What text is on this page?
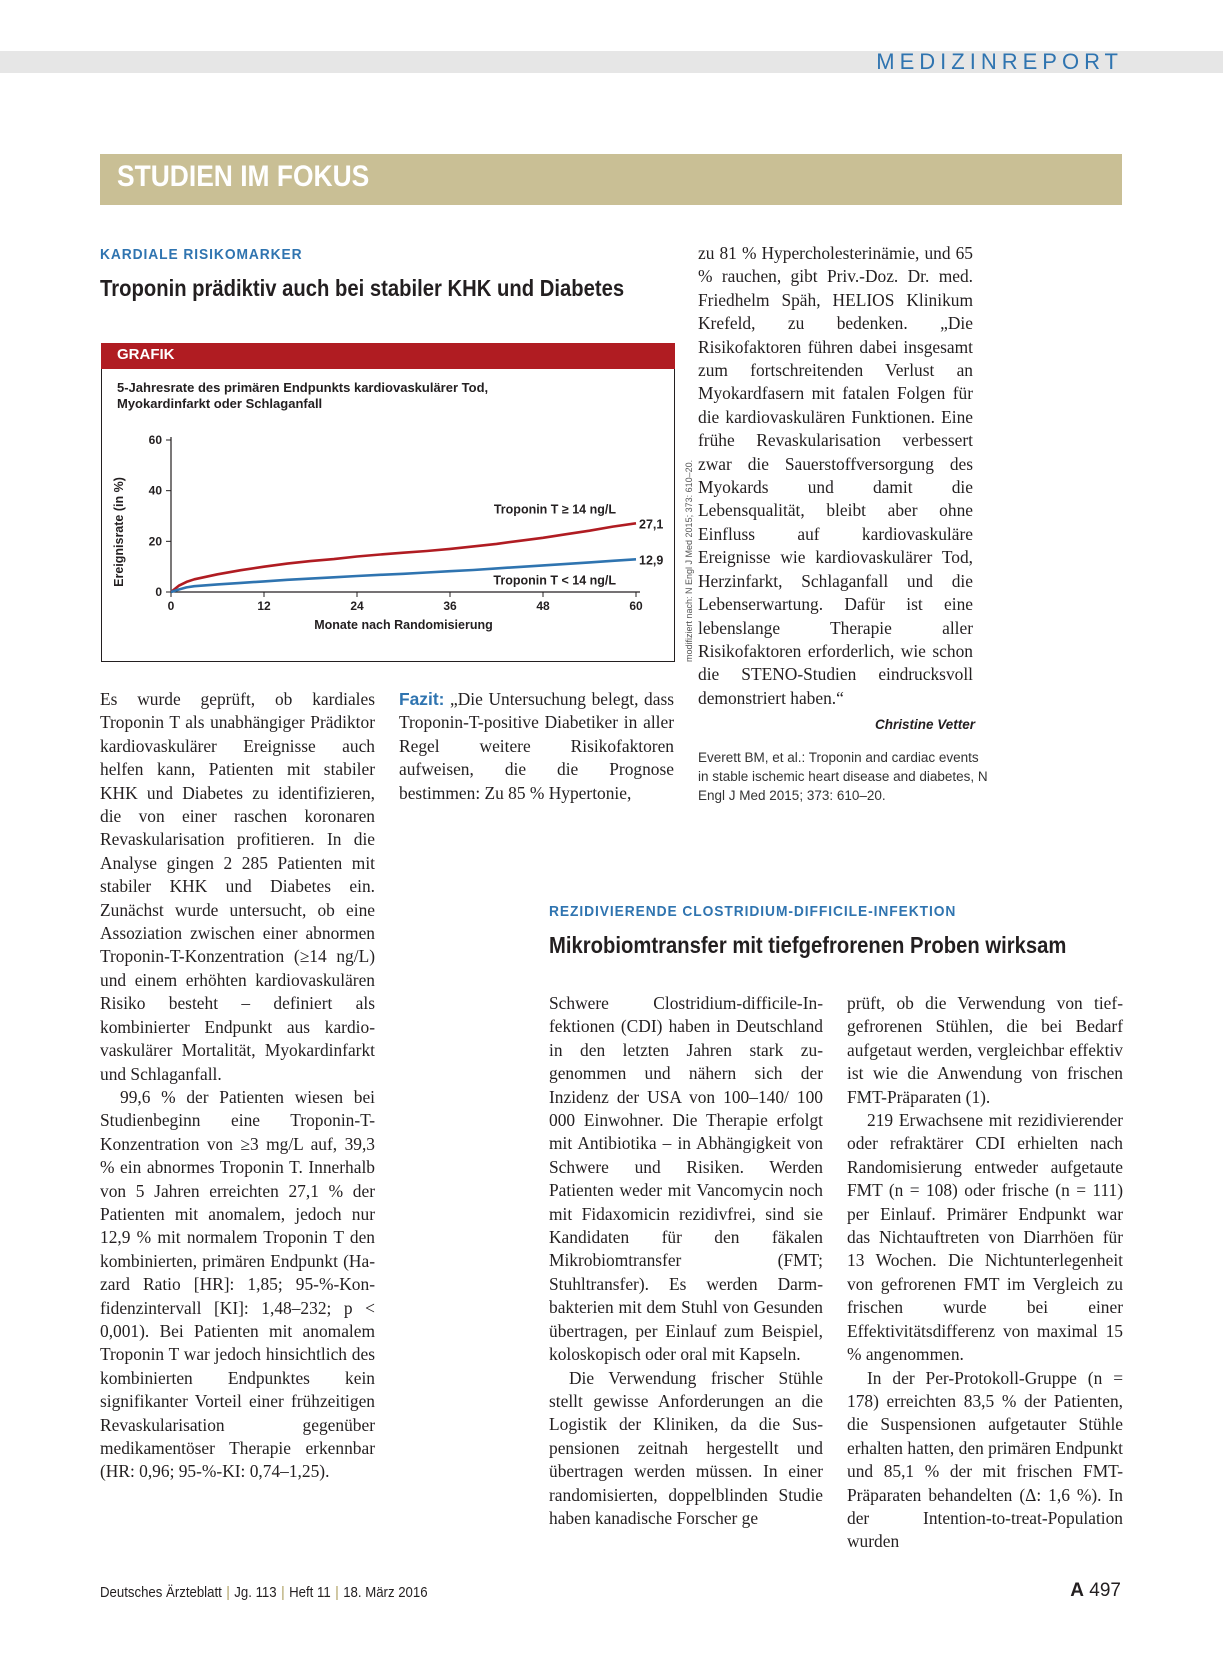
MEDIZINREPORT
STUDIEN IM FOKUS
KARDIALE RISIKOMARKER
Troponin prädiktiv auch bei stabiler KHK und Diabetes
GRAFIK
5-Jahresrate des primären Endpunkts kardiovaskulärer Tod,
Myokardinfarkt oder Schlaganfall
0	12	24	36	48	60
0
20
40
60
Monate nach Randomisierung
Ereignisrate (in %)	27,1
Troponin T ≥ 14 ng/L
12,9
Troponin T < 14 ng/L	modifiziert nach: N Engl J Med 2015; 373: 610–20.

Es wurde geprüft, ob kardiales Troponin T als unabhängiger Prädiktor kardiovaskulärer Ereignisse auch helfen kann, Patienten mit stabiler KHK und Diabetes zu identifizieren, die von einer raschen koronaren Revaskularisation profitieren. In die Analyse gingen 2 285 Patienten mit stabiler KHK und Diabetes ein. Zunächst wurde untersucht, ob eine Assoziation zwischen einer abnormen Troponin-T-Konzentration (≥14 ng/L) und einem erhöhten kardiovaskulären Risiko besteht – definiert als kombinierter Endpunkt aus kardiovaskulärer Mortalität, Myokardinfarkt und Schlaganfall.

99,6 % der Patienten wiesen bei Studienbeginn eine Troponin-T-Konzentration von ≥3 mg/L auf, 39,3 % ein abnormes Troponin T. Innerhalb von 5 Jahren erreichten 27,1 % der Patienten mit anomalem, jedoch nur 12,9 % mit normalem Troponin T den kombinierten, primären Endpunkt (Hazard Ratio [HR]: 1,85; 95-%-Konfidenzintervall [KI]: 1,48–232; p < 0,001). Bei Patienten mit anomalem Troponin T war jedoch hinsichtlich des kombinierten Endpunktes kein signifikanter Vorteil einer frühzeitigen Revaskularisation gegenüber medikamentöser Therapie erkennbar (HR: 0,96; 95-%-KI: 0,74–1,25).

Fazit: „Die Untersuchung belegt, dass Troponin-T-positive Diabetiker in aller Regel weitere Risikofaktoren aufweisen, die die Prognose bestimmen: Zu 85 % Hypertonie,

zu 81 % Hypercholesterinämie, und 65 % rauchen, gibt Priv.-Doz. Dr. med. Friedhelm Späh, HELIOS Klinikum Krefeld, zu bedenken. „Die Risikofaktoren führen dabei insgesamt zum fortschreitenden Verlust an Myokardfasern mit fatalen Folgen für die kardiovaskulären Funktionen. Eine frühe Revaskularisation verbessert zwar die Sauerstoffversorgung des Myokards und damit die Lebensqualität, bleibt aber ohne Einfluss auf kardiovaskuläre Ereignisse wie kardiovaskulärer Tod, Herzinfarkt, Schlaganfall und die Lebenserwartung. Dafür ist eine lebenslange Therapie aller Risikofaktoren erforderlich, wie schon die STENO-Studien eindrucksvoll demonstriert haben.“

Christine Vetter
Everett BM, et al.: Troponin and cardiac events in stable ischemic heart disease and diabetes, N Engl J Med 2015; 373: 610–20.
REZIDIVIERENDE CLOSTRIDIUM-DIFFICILE-INFEKTION
Mikrobiomtransfer mit tiefgefrorenen Proben wirksam

Schwere Clostridium-difficile-Infektionen (CDI) haben in Deutschland in den letzten Jahren stark zugenommen und nähern sich der Inzidenz der USA von 100–140/ 100 000 Einwohner. Die Therapie erfolgt mit Antibiotika – in Abhängigkeit von Schwere und Risiken. Werden Patienten weder mit Vancomycin noch mit Fidaxomicin rezidivfrei, sind sie Kandidaten für den fäkalen Mikrobiomtransfer (FMT; Stuhltransfer). Es werden Darmbakterien mit dem Stuhl von Gesunden übertragen, per Einlauf zum Beispiel, koloskopisch oder oral mit Kapseln.

Die Verwendung frischer Stühle stellt gewisse Anforderungen an die Logistik der Kliniken, da die Suspensionen zeitnah hergestellt und übertragen werden müssen. In einer randomisierten, doppelblinden Studie haben kanadische Forscher ge

prüft, ob die Verwendung von tiefgefrorenen Stühlen, die bei Bedarf aufgetaut werden, vergleichbar effektiv ist wie die Anwendung von frischen FMT-Präparaten (1).

219 Erwachsene mit rezidivierender oder refraktärer CDI erhielten nach Randomisierung entweder aufgetaute FMT (n = 108) oder frische (n = 111) per Einlauf. Primärer Endpunkt war das Nichtauftreten von Diarrhöen für 13 Wochen. Die Nichtunterlegenheit von gefrorenen FMT im Vergleich zu frischen wurde bei einer Effektivitätsdifferenz von maximal 15 % angenommen.

In der Per-Protokoll-Gruppe (n = 178) erreichten 83,5 % der Patienten, die Suspensionen aufgetauter Stühle erhalten hatten, den primären Endpunkt und 85,1 % der mit frischen FMT-Präparaten behandelten (Δ: 1,6 %). In der Intention-to-treat-Population wurden

Deutsches Ärzteblatt | Jg. 113 | Heft 11 | 18. März 2016	A 497
